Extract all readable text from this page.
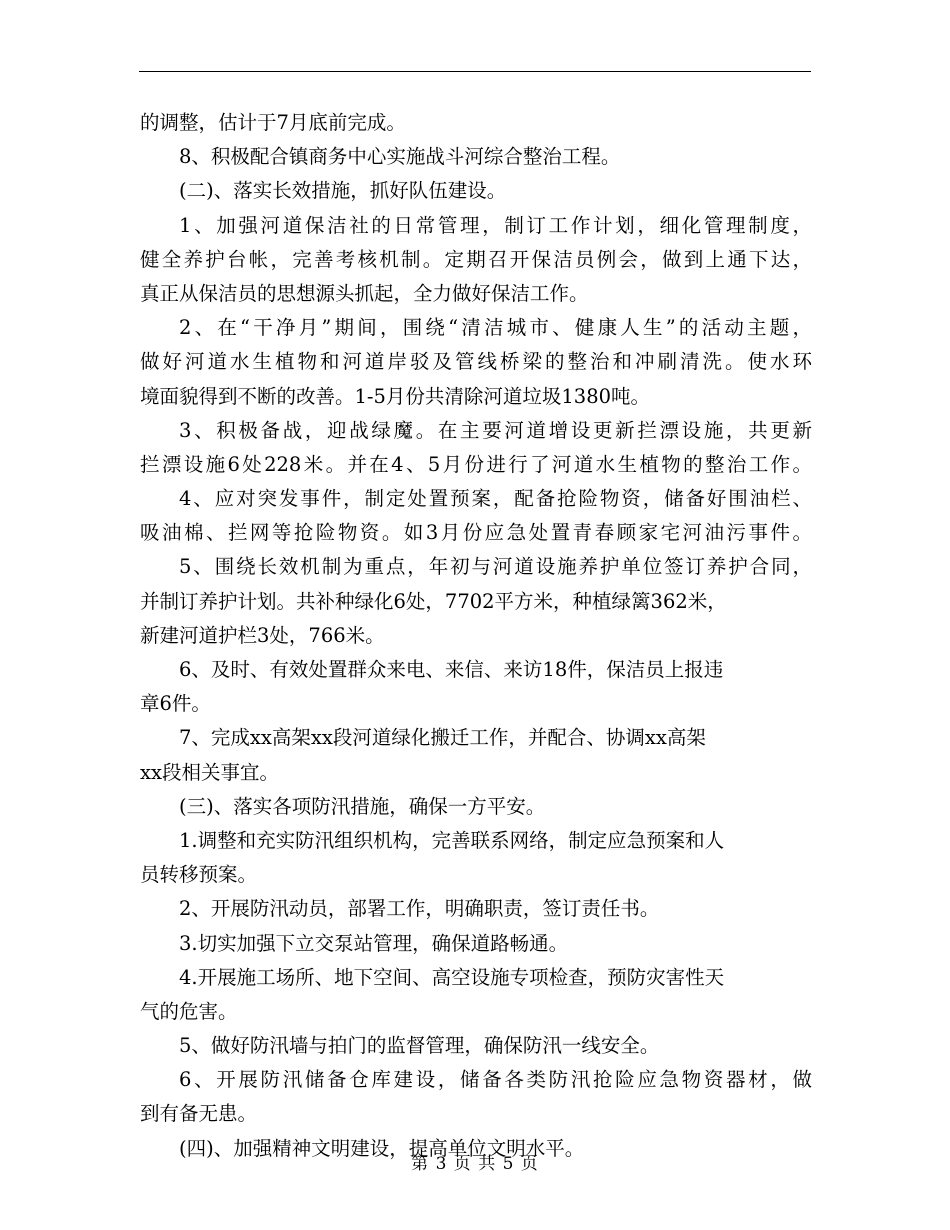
的调整，估计于7月底前完成。
8、积极配合镇商务中心实施战斗河综合整治工程。
(二)、落实长效措施，抓好队伍建设。
1、加强河道保洁社的日常管理，制订工作计划，细化管理制度，
健全养护台帐，完善考核机制。定期召开保洁员例会，做到上通下达，
真正从保洁员的思想源头抓起，全力做好保洁工作。
2、在“干净月”期间，围绕“清洁城市、健康人生”的活动主题，
做好河道水生植物和河道岸驳及管线桥梁的整治和冲刷清洗。使水环
境面貌得到不断的改善。1-5月份共清除河道垃圾1380吨。
3、积极备战，迎战绿魔。在主要河道增设更新拦漂设施，共更新
拦漂设施6处228米。并在4、5月份进行了河道水生植物的整治工作。
4、应对突发事件，制定处置预案，配备抢险物资，储备好围油栏、
吸油棉、拦网等抢险物资。如3月份应急处置青春顾家宅河油污事件。
5、围绕长效机制为重点，年初与河道设施养护单位签订养护合同，
并制订养护计划。共补种绿化6处，7702平方米，种植绿篱362米，
新建河道护栏3处，766米。
6、及时、有效处置群众来电、来信、来访18件，保洁员上报违
章6件。
7、完成xx高架xx段河道绿化搬迁工作，并配合、协调xx高架
xx段相关事宜。
(三)、落实各项防汛措施，确保一方平安。
1.调整和充实防汛组织机构，完善联系网络，制定应急预案和人
员转移预案。
2、开展防汛动员，部署工作，明确职责，签订责任书。
3.切实加强下立交泵站管理，确保道路畅通。
4.开展施工场所、地下空间、高空设施专项检查，预防灾害性天
气的危害。
5、做好防汛墙与拍门的监督管理，确保防汛一线安全。
6、开展防汛储备仓库建设，储备各类防汛抢险应急物资器材，做
到有备无患。
(四)、加强精神文明建设，提高单位文明水平。
第 3 页 共 5 页
